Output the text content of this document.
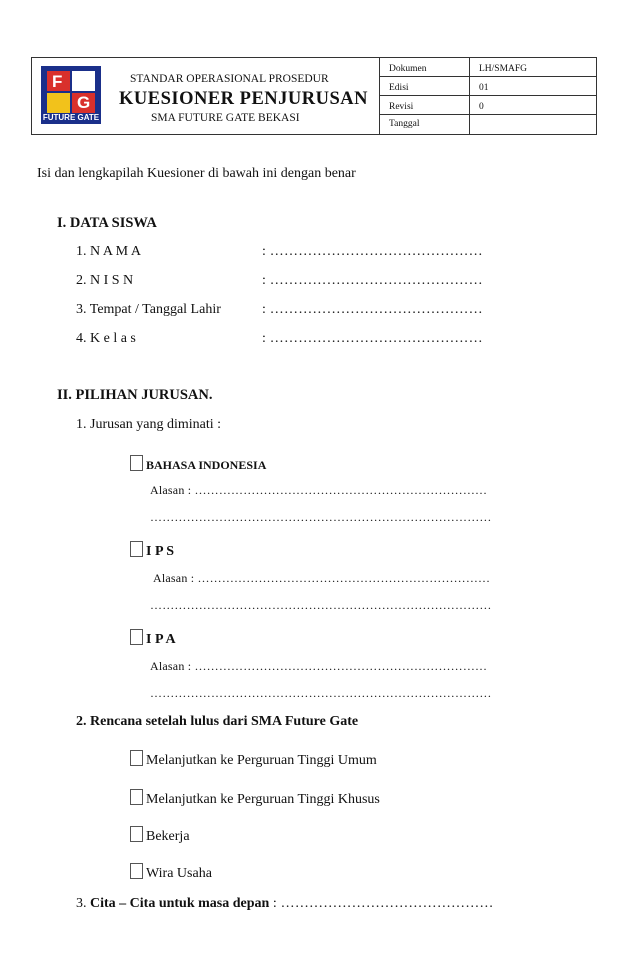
F
G
FUTURE GATE
STANDAR OPERASIONAL PROSEDUR
KUESIONER PENJURUSAN
SMA FUTURE GATE BEKASI
Dokumen	LH/SMAFG
Edisi	01
Revisi	0
Tanggal
Isi dan lengkapilah Kuesioner di bawah ini dengan benar
I. DATA SISWA
1. N A M A	: ………………………………………
2. N I S N	: ………………………………………
3. Tempat / Tanggal Lahir	: ………………………………………
4. K e l a s	: ………………………………………
II. PILIHAN JURUSAN.
1. Jurusan yang diminati :
BAHASA INDONESIA
Alasan : ………………………………………………………………
…………………………………………………………………………
I P S
Alasan : ………………………………………………………………
…………………………………………………………………………
I P A
Alasan : ………………………………………………………………
…………………………………………………………………………
2. Rencana setelah lulus dari SMA Future Gate
Melanjutkan ke Perguruan Tinggi Umum
Melanjutkan ke Perguruan Tinggi Khusus
Bekerja
Wira Usaha
3. Cita – Cita untuk masa depan : ………………………………………
